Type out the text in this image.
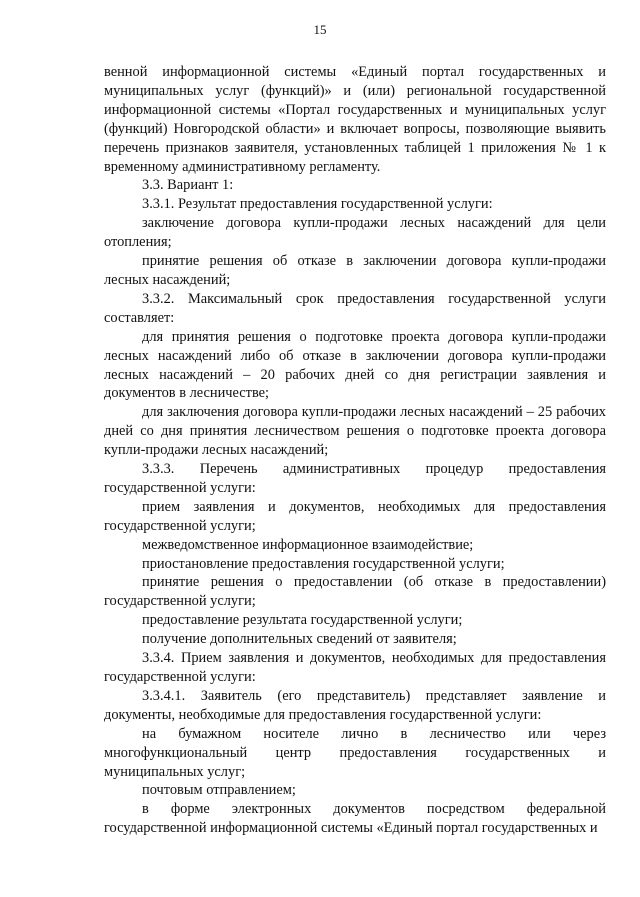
15

венной информационной системы «Единый портал государственных и муниципальных услуг (функций)» и (или) региональной государственной информационной системы «Портал государственных и муниципальных услуг (функций) Новгородской области» и включает вопросы, позволяющие выявить перечень признаков заявителя, установленных таблицей 1 приложения № 1 к временному административному регламенту.

3.3. Вариант 1:

3.3.1. Результат предоставления государственной услуги:

заключение договора купли-продажи лесных насаждений для цели отопления;

принятие решения об отказе в заключении договора купли-продажи лесных насаждений;

3.3.2. Максимальный срок предоставления государственной услуги составляет:

для принятия решения о подготовке проекта договора купли-продажи лесных насаждений либо об отказе в заключении договора купли-продажи лесных насаждений – 20 рабочих дней со дня регистрации заявления и документов в лесничестве;

для заключения договора купли-продажи лесных насаждений – 25 рабочих дней со дня принятия лесничеством решения о подготовке проекта договора купли-продажи лесных насаждений;

3.3.3. Перечень административных процедур предоставления государственной услуги:

прием заявления и документов, необходимых для предоставления государственной услуги;

межведомственное информационное взаимодействие;

приостановление предоставления государственной услуги;

принятие решения о предоставлении (об отказе в предоставлении) государственной услуги;

предоставление результата государственной услуги;

получение дополнительных сведений от заявителя;

3.3.4. Прием заявления и документов, необходимых для предоставления государственной услуги:

3.3.4.1. Заявитель (его представитель) представляет заявление и документы, необходимые для предоставления государственной услуги:

на бумажном носителе лично в лесничество или через многофункциональный центр предоставления государственных и муниципальных услуг;

почтовым отправлением;

в форме электронных документов посредством федеральной государственной информационной системы «Единый портал государственных и
